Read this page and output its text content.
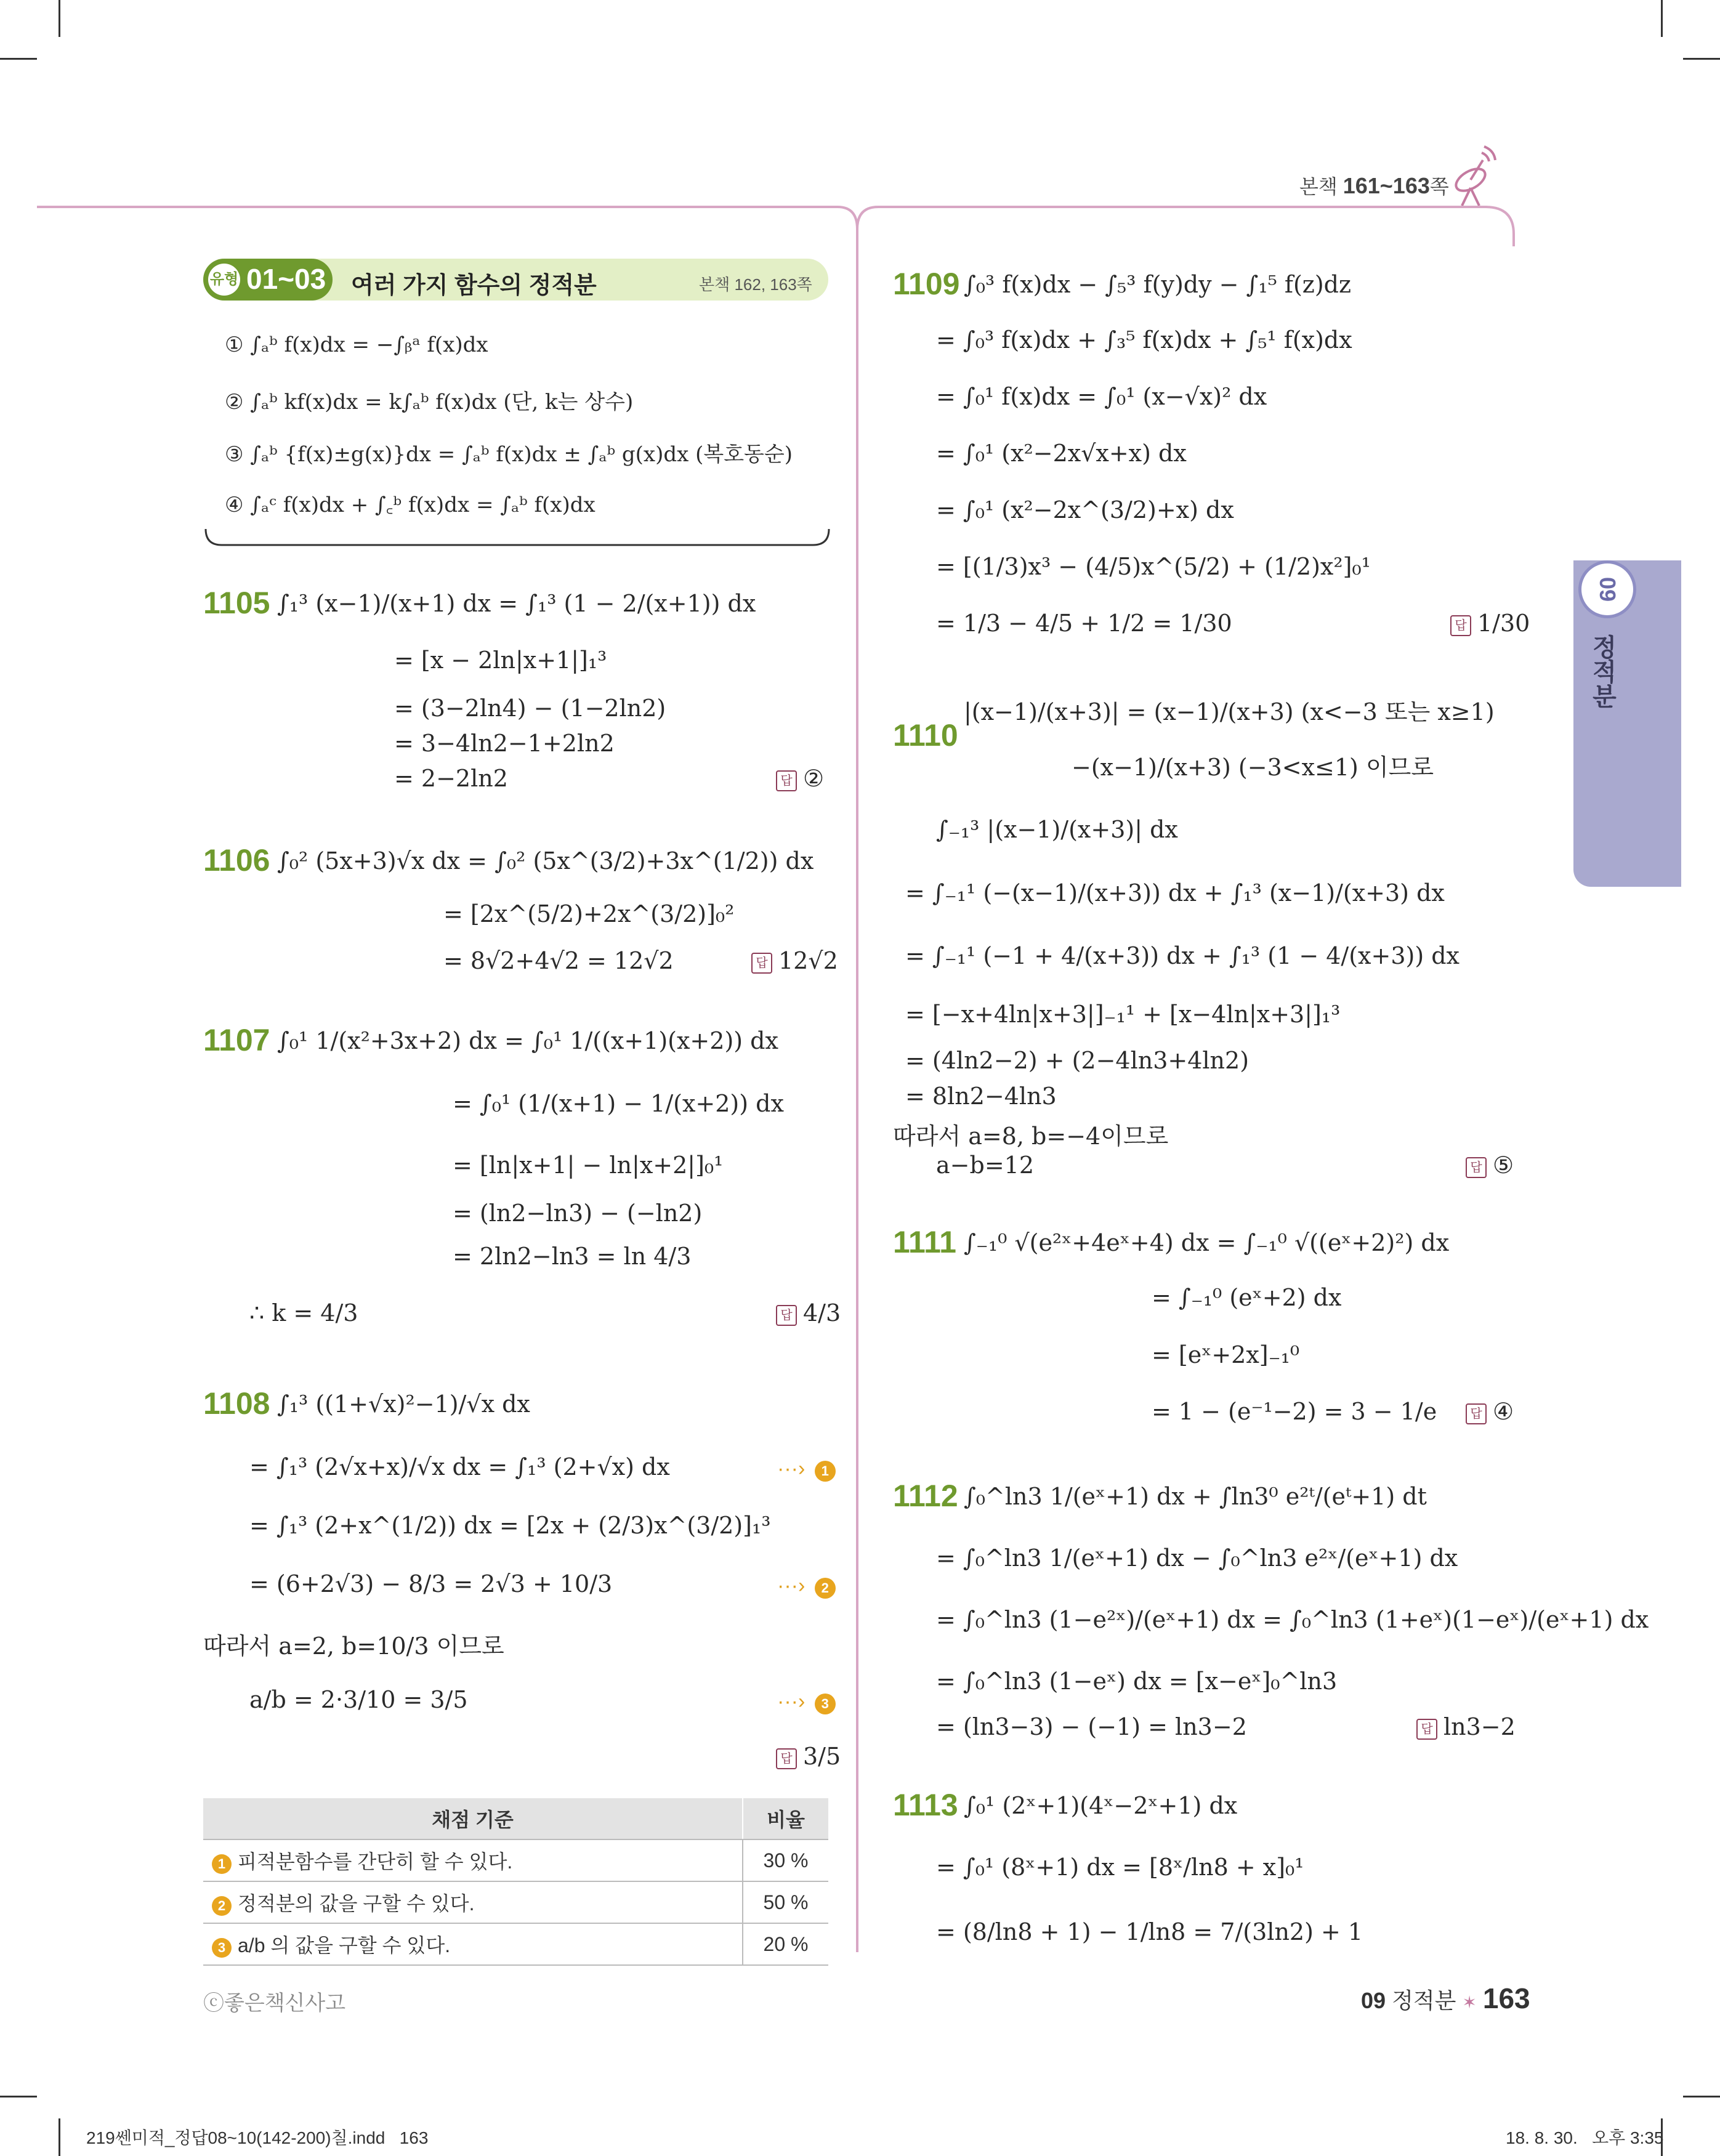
본책 161~163쪽
09
정적분
유형 01~03 여러 가지 함수의 정적분	본책 162, 163쪽
① ∫ₐᵇ f(x)dx = −∫ᵦᵃ f(x)dx
② ∫ₐᵇ kf(x)dx = k∫ₐᵇ f(x)dx (단, k는 상수)
③ ∫ₐᵇ {f(x)±g(x)}dx = ∫ₐᵇ f(x)dx ± ∫ₐᵇ g(x)dx (복호동순)
④ ∫ₐᶜ f(x)dx + ∫꜀ᵇ f(x)dx = ∫ₐᵇ f(x)dx
1105 ∫₁³ (x−1)/(x+1) dx = ∫₁³ (1 − 2/(x+1)) dx
= [x − 2ln|x+1|]₁³
= (3−2ln4) − (1−2ln2)
= 3−4ln2−1+2ln2
= 2−2ln2	답 ②
1106 ∫₀² (5x+3)√x dx = ∫₀² (5x^(3/2)+3x^(1/2)) dx
= [2x^(5/2)+2x^(3/2)]₀²
= 8√2+4√2 = 12√2	답 12√2
1107 ∫₀¹ 1/(x²+3x+2) dx = ∫₀¹ 1/((x+1)(x+2)) dx
= ∫₀¹ (1/(x+1) − 1/(x+2)) dx
= [ln|x+1| − ln|x+2|]₀¹
= (ln2−ln3) − (−ln2)
= 2ln2−ln3 = ln 4/3
∴ k = 4/3	답 4/3
1108 ∫₁³ ((1+√x)²−1)/√x dx
= ∫₁³ (2√x+x)/√x dx = ∫₁³ (2+√x) dx	···› 1
= ∫₁³ (2+x^(1/2)) dx = [2x + (2/3)x^(3/2)]₁³
= (6+2√3) − 8/3 = 2√3 + 10/3	···› 2
따라서 a=2, b=10/3 이므로
a/b = 2·3/10 = 3/5	···› 3
답 3/5
채점 기준	비율
1 피적분함수를 간단히 할 수 있다.	30 %
2 정적분의 값을 구할 수 있다.	50 %
3 a/b 의 값을 구할 수 있다.	20 %
1109 ∫₀³ f(x)dx − ∫₅³ f(y)dy − ∫₁⁵ f(z)dz
= ∫₀³ f(x)dx + ∫₃⁵ f(x)dx + ∫₅¹ f(x)dx
= ∫₀¹ f(x)dx = ∫₀¹ (x−√x)² dx
= ∫₀¹ (x²−2x√x+x) dx
= ∫₀¹ (x²−2x^(3/2)+x) dx
= [(1/3)x³ − (4/5)x^(5/2) + (1/2)x²]₀¹
= 1/3 − 4/5 + 1/2 = 1/30	답 1/30
1110
|(x−1)/(x+3)| = (x−1)/(x+3) (x<−3 또는 x≥1)
−(x−1)/(x+3) (−3<x≤1) 이므로
∫₋₁³ |(x−1)/(x+3)| dx
= ∫₋₁¹ (−(x−1)/(x+3)) dx + ∫₁³ (x−1)/(x+3) dx
= ∫₋₁¹ (−1 + 4/(x+3)) dx + ∫₁³ (1 − 4/(x+3)) dx
= [−x+4ln|x+3|]₋₁¹ + [x−4ln|x+3|]₁³
= (4ln2−2) + (2−4ln3+4ln2)
= 8ln2−4ln3
따라서 a=8, b=−4이므로
a−b=12	답 ⑤
1111 ∫₋₁⁰ √(e²ˣ+4eˣ+4) dx = ∫₋₁⁰ √((eˣ+2)²) dx
= ∫₋₁⁰ (eˣ+2) dx
= [eˣ+2x]₋₁⁰
= 1 − (e⁻¹−2) = 3 − 1/e	답 ④
1112 ∫₀^ln3 1/(eˣ+1) dx + ∫ln3⁰ e²ᵗ/(eᵗ+1) dt
= ∫₀^ln3 1/(eˣ+1) dx − ∫₀^ln3 e²ˣ/(eˣ+1) dx
= ∫₀^ln3 (1−e²ˣ)/(eˣ+1) dx = ∫₀^ln3 (1+eˣ)(1−eˣ)/(eˣ+1) dx
= ∫₀^ln3 (1−eˣ) dx = [x−eˣ]₀^ln3
= (ln3−3) − (−1) = ln3−2	답 ln3−2
1113 ∫₀¹ (2ˣ+1)(4ˣ−2ˣ+1) dx
= ∫₀¹ (8ˣ+1) dx = [8ˣ/ln8 + x]₀¹
= (8/ln8 + 1) − 1/ln8 = 7/(3ln2) + 1
ⓒ좋은책신사고	09 정적분 ✶ 163
219쎈미적_정답08~10(142-200)칠.indd   163	18. 8. 30.   오후 3:35
